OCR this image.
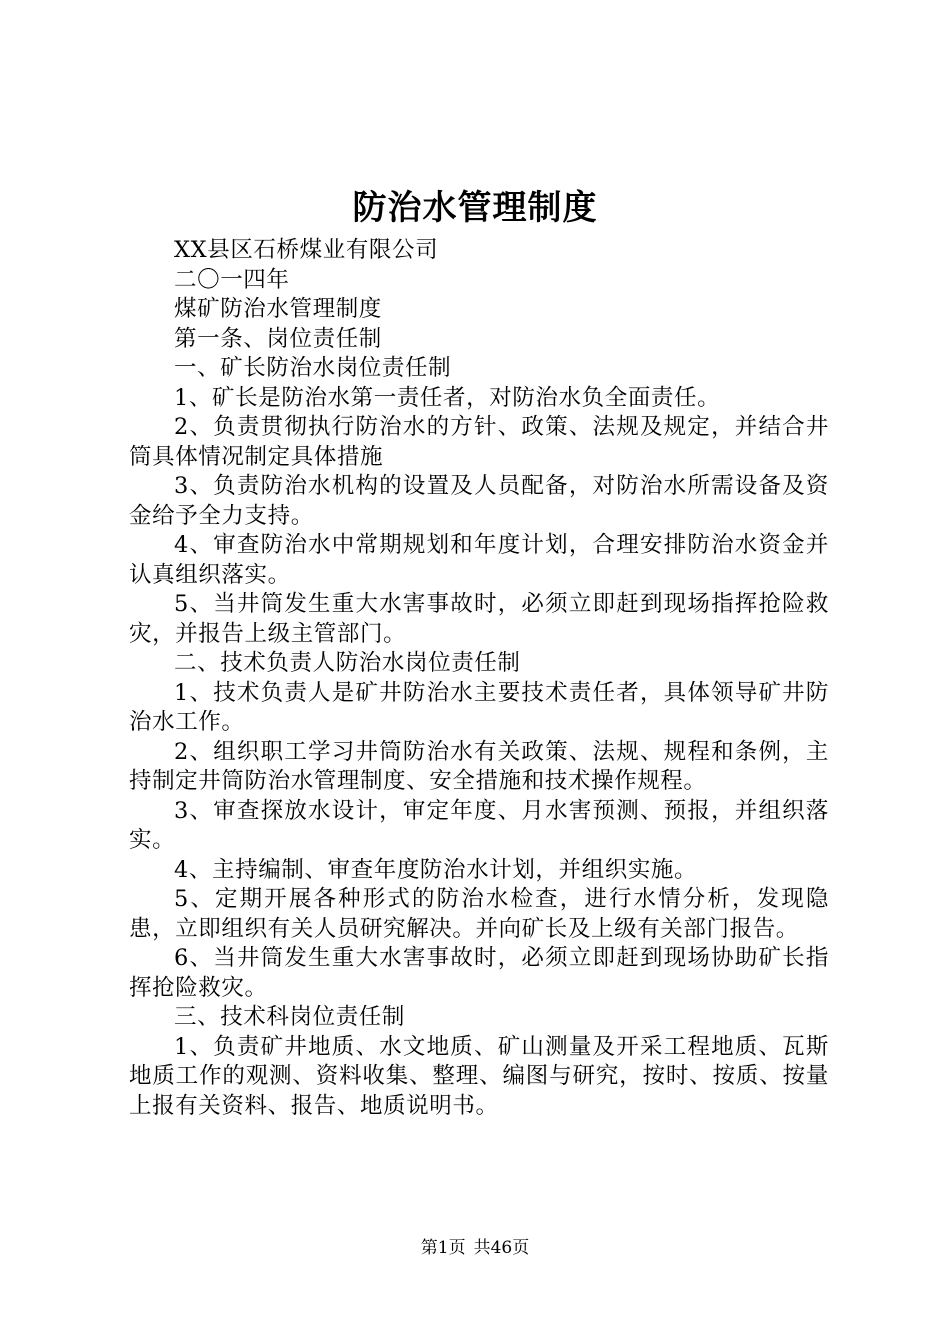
防治水管理制度

XX县区石桥煤业有限公司

二〇一四年

煤矿防治水管理制度

第一条、岗位责任制

一、矿长防治水岗位责任制

1、矿长是防治水第一责任者，对防治水负全面责任。

2、负责贯彻执行防治水的方针、政策、法规及规定，并结合井筒具体情况制定具体措施

3、负责防治水机构的设置及人员配备，对防治水所需设备及资金给予全力支持。

4、审查防治水中常期规划和年度计划，合理安排防治水资金并认真组织落实。

5、当井筒发生重大水害事故时，必须立即赶到现场指挥抢险救灾，并报告上级主管部门。

二、技术负责人防治水岗位责任制

1、技术负责人是矿井防治水主要技术责任者，具体领导矿井防治水工作。

2、组织职工学习井筒防治水有关政策、法规、规程和条例，主持制定井筒防治水管理制度、安全措施和技术操作规程。

3、审查探放水设计，审定年度、月水害预测、预报，并组织落实。

4、主持编制、审查年度防治水计划，并组织实施。

5、定期开展各种形式的防治水检查，进行水情分析，发现隐患，立即组织有关人员研究解决。并向矿长及上级有关部门报告。

6、当井筒发生重大水害事故时，必须立即赶到现场协助矿长指挥抢险救灾。

三、技术科岗位责任制

1、负责矿井地质、水文地质、矿山测量及开采工程地质、瓦斯地质工作的观测、资料收集、整理、编图与研究，按时、按质、按量上报有关资料、报告、地质说明书。

第1页 共46页
